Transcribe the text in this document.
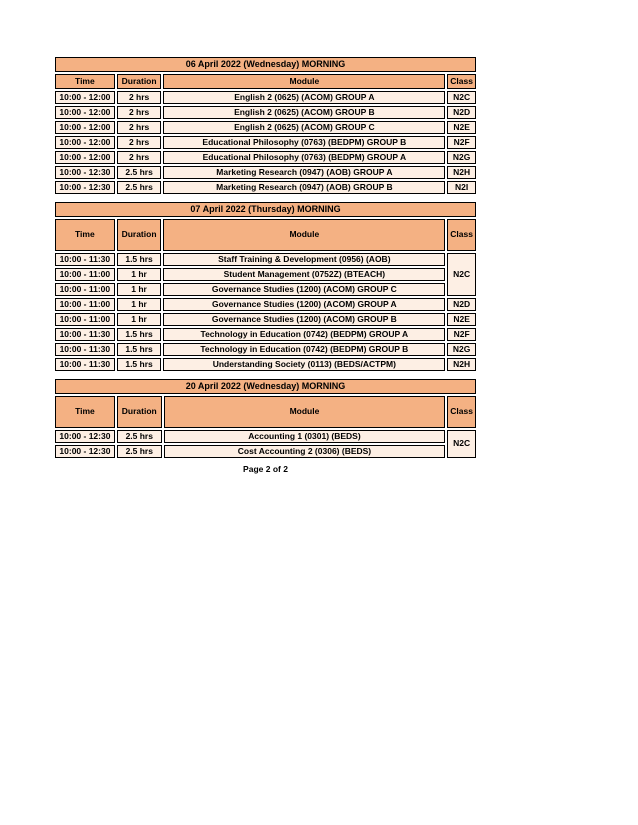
06 April 2022 (Wednesday) MORNING			
Time	Duration	Module	Class
10:00 - 12:00	2 hrs	English 2 (0625) (ACOM) GROUP A	N2C
10:00 - 12:00	2 hrs	English 2 (0625) (ACOM) GROUP B	N2D
10:00 - 12:00	2 hrs	English 2 (0625) (ACOM) GROUP C	N2E
10:00 - 12:00	2 hrs	Educational Philosophy (0763) (BEDPM) GROUP B	N2F
10:00 - 12:00	2 hrs	Educational Philosophy (0763) (BEDPM) GROUP A	N2G
10:00 - 12:30	2.5 hrs	Marketing Research (0947) (AOB) GROUP A	N2H
10:00 - 12:30	2.5 hrs	Marketing Research (0947) (AOB) GROUP B	N2I
07 April 2022 (Thursday) MORNING			
Time	Duration	Module	Class
10:00 - 11:30	1.5 hrs	Staff Training & Development (0956) (AOB)	N2C
10:00 - 11:00	1 hr	Student Management (0752Z) (BTEACH)	
10:00 - 11:00	1 hr	Governance Studies (1200) (ACOM) GROUP C	
10:00 - 11:00	1 hr	Governance Studies (1200) (ACOM) GROUP A	N2D
10:00 - 11:00	1 hr	Governance Studies (1200) (ACOM) GROUP B	N2E
10:00 - 11:30	1.5 hrs	Technology in Education (0742) (BEDPM) GROUP A	N2F
10:00 - 11:30	1.5 hrs	Technology in Education (0742) (BEDPM) GROUP B	N2G
10:00 - 11:30	1.5 hrs	Understanding Society (0113) (BEDS/ACTPM)	N2H
20 April 2022 (Wednesday) MORNING			
Time	Duration	Module	Class
10:00 - 12:30	2.5 hrs	Accounting 1 (0301) (BEDS)	N2C
10:00 - 12:30	2.5 hrs	Cost Accounting 2 (0306) (BEDS)	
Page 2 of 2
